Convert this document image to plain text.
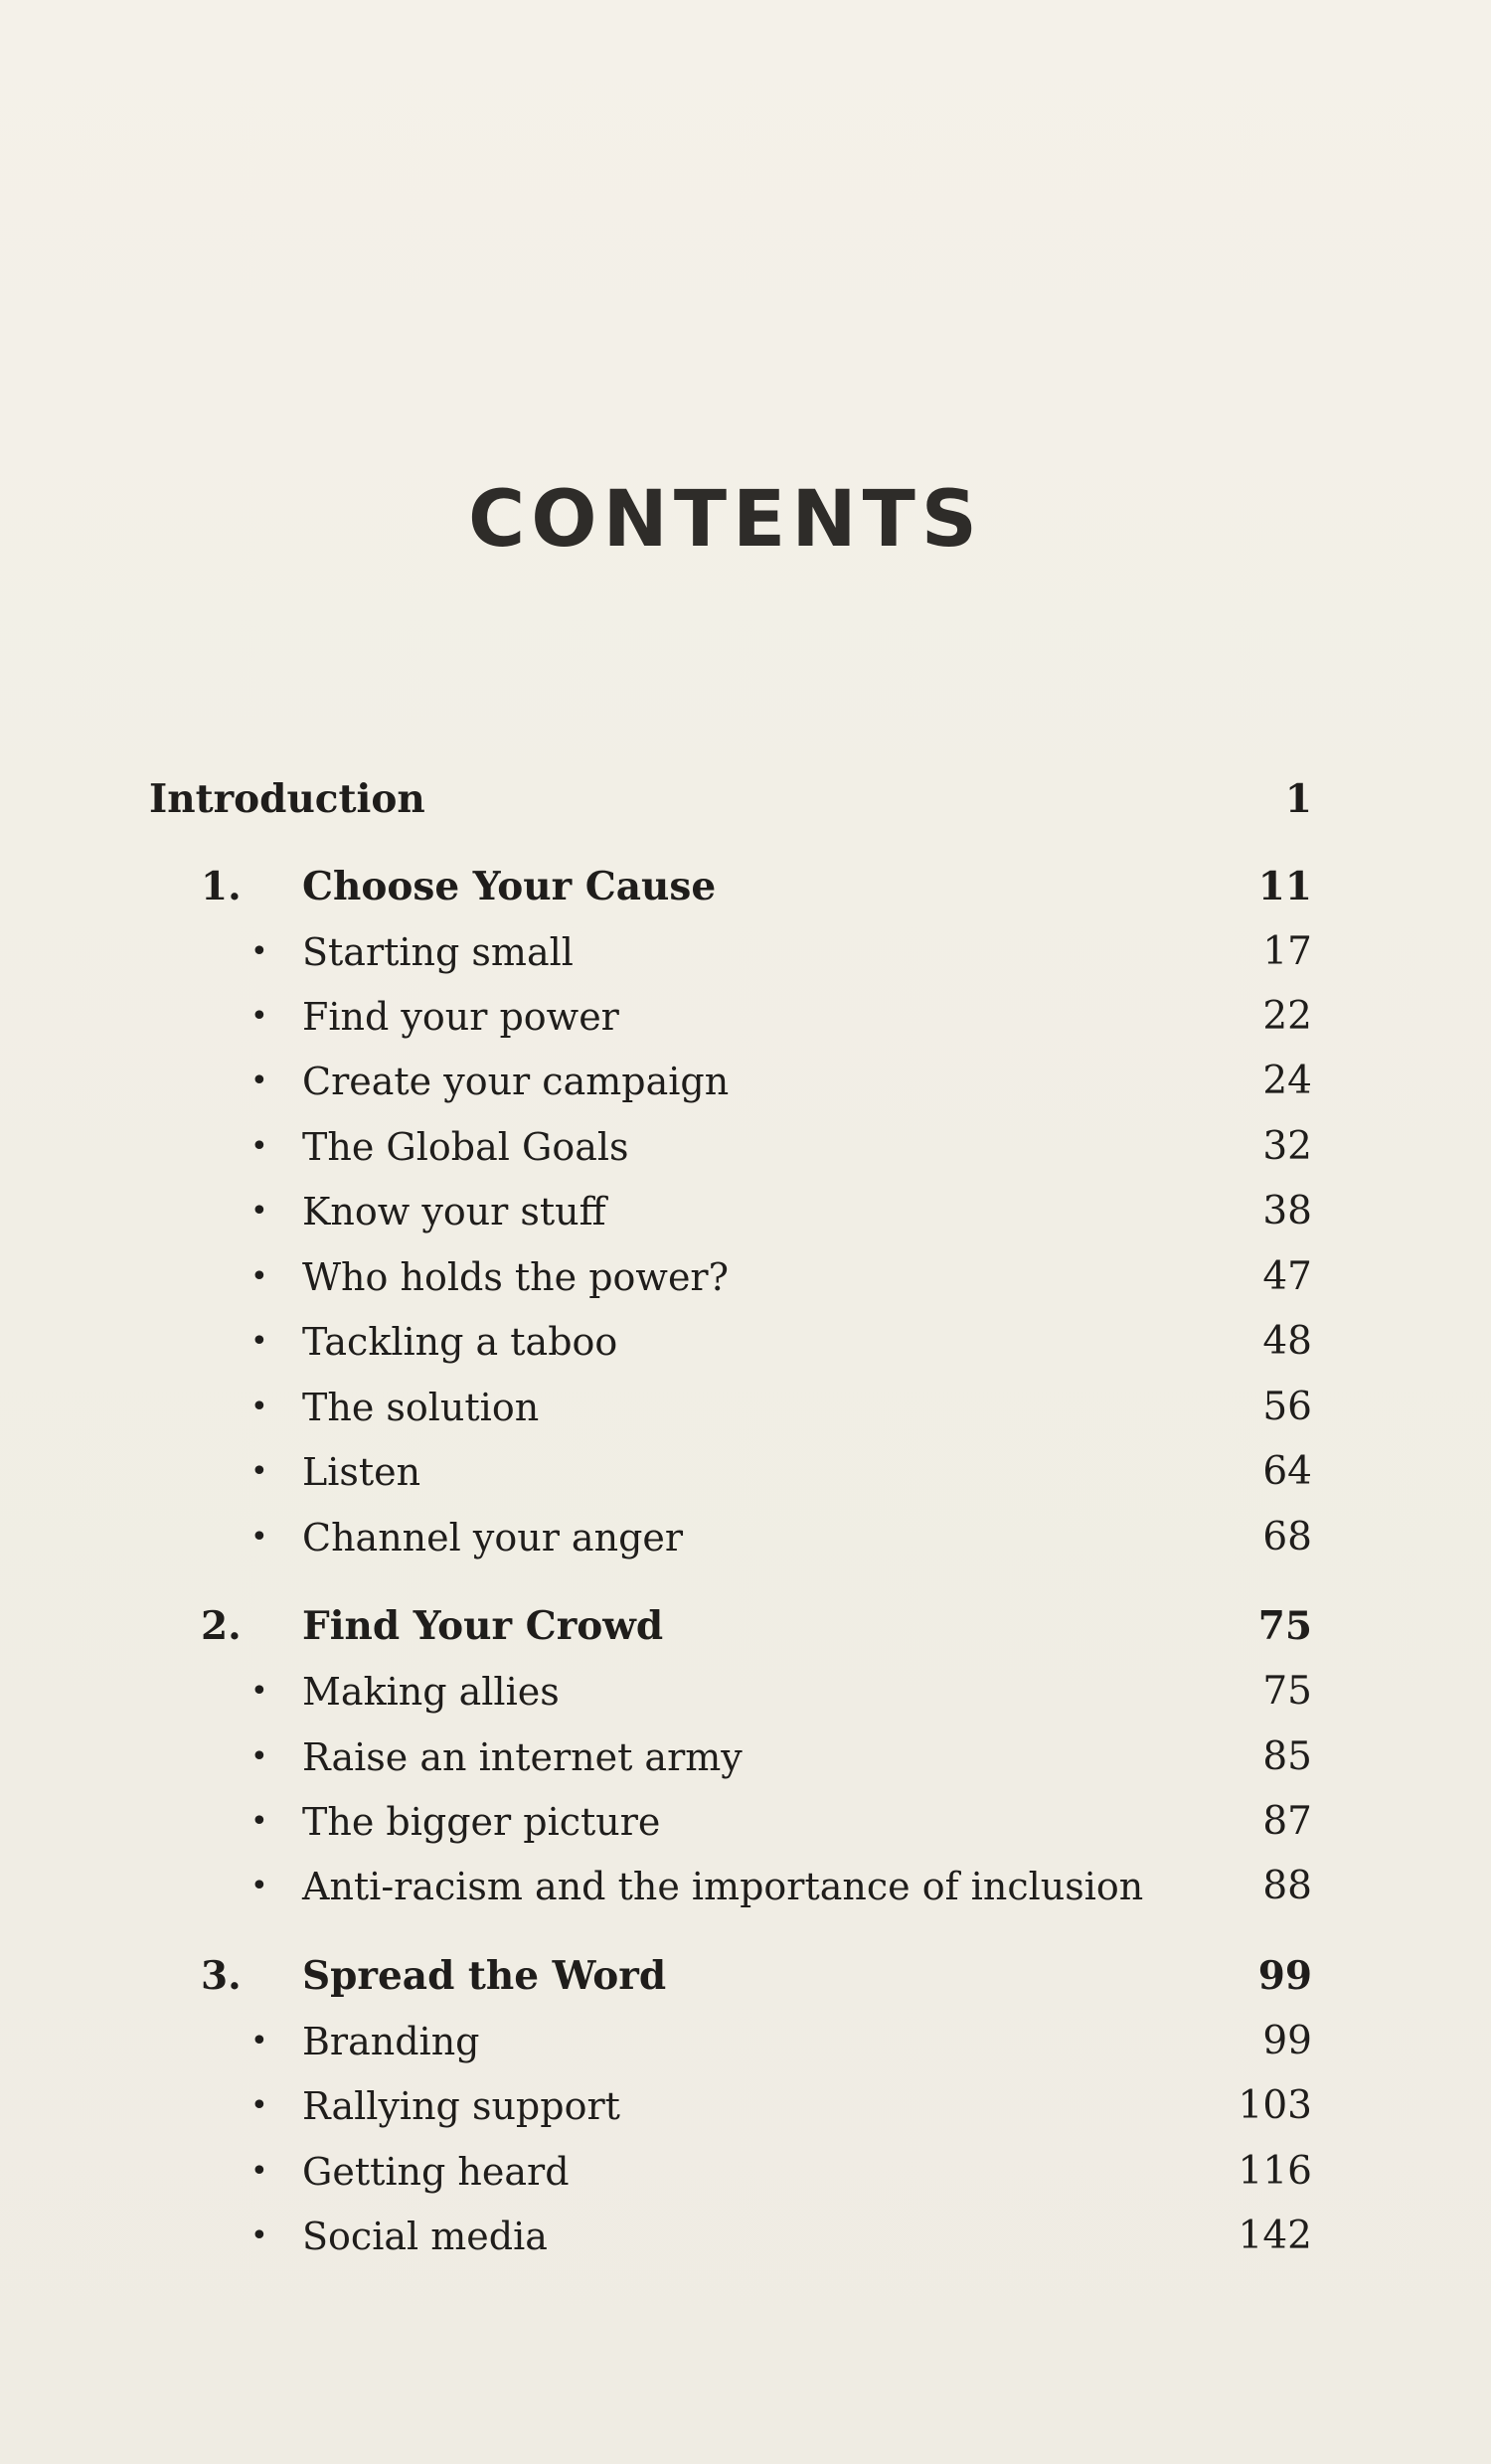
CONTENTS
Introduction	1
1. Choose Your Cause	11
• Starting small	17
• Find your power	22
• Create your campaign	24
• The Global Goals	32
• Know your stuff	38
• Who holds the power?	47
• Tackling a taboo	48
• The solution	56
• Listen	64
• Channel your anger	68
2. Find Your Crowd	75
• Making allies	75
• Raise an internet army	85
• The bigger picture	87
• Anti-racism and the importance of inclusion	88
3. Spread the Word	99
• Branding	99
• Rallying support	103
• Getting heard	116
• Social media	142
